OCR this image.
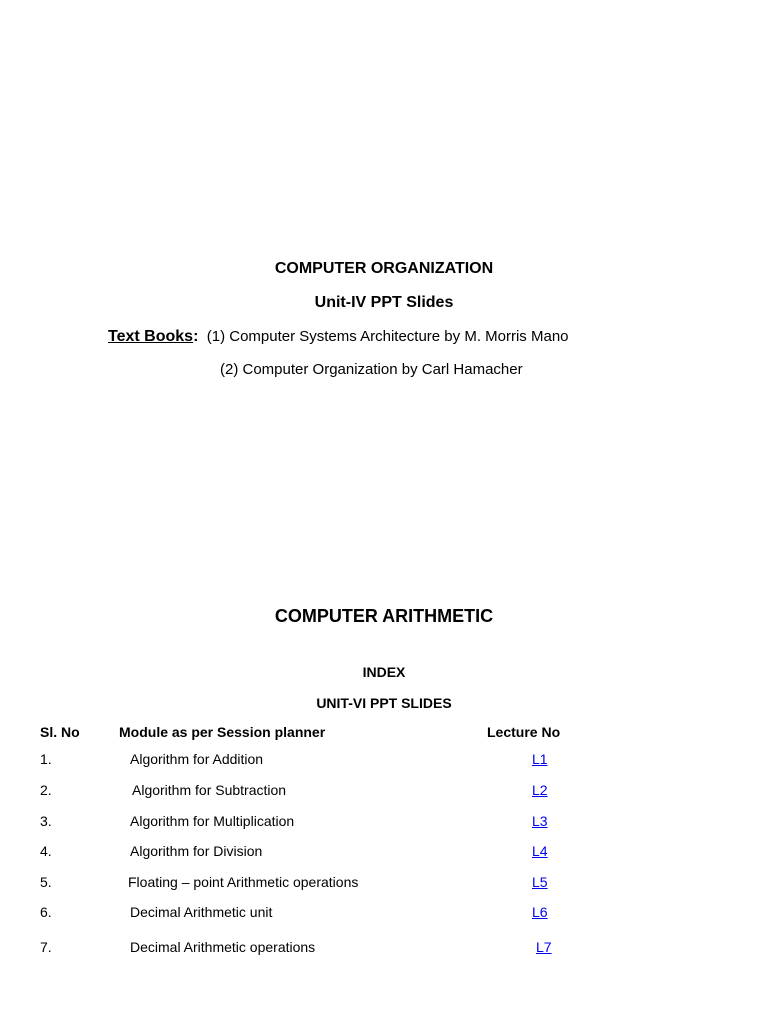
COMPUTER ORGANIZATION
Unit-IV PPT Slides
Text Books: (1) Computer Systems Architecture by M. Morris Mano
(2) Computer Organization by Carl Hamacher
COMPUTER ARITHMETIC
INDEX
UNIT-VI PPT SLIDES
Sl. No	Module as per Session planner	Lecture No
1.	Algorithm for Addition	L1
2.	Algorithm for Subtraction	L2
3.	Algorithm for Multiplication	L3
4.	Algorithm for Division	L4
5.	Floating – point Arithmetic operations	L5
6.	Decimal Arithmetic unit	L6
7.	Decimal Arithmetic operations	L7
